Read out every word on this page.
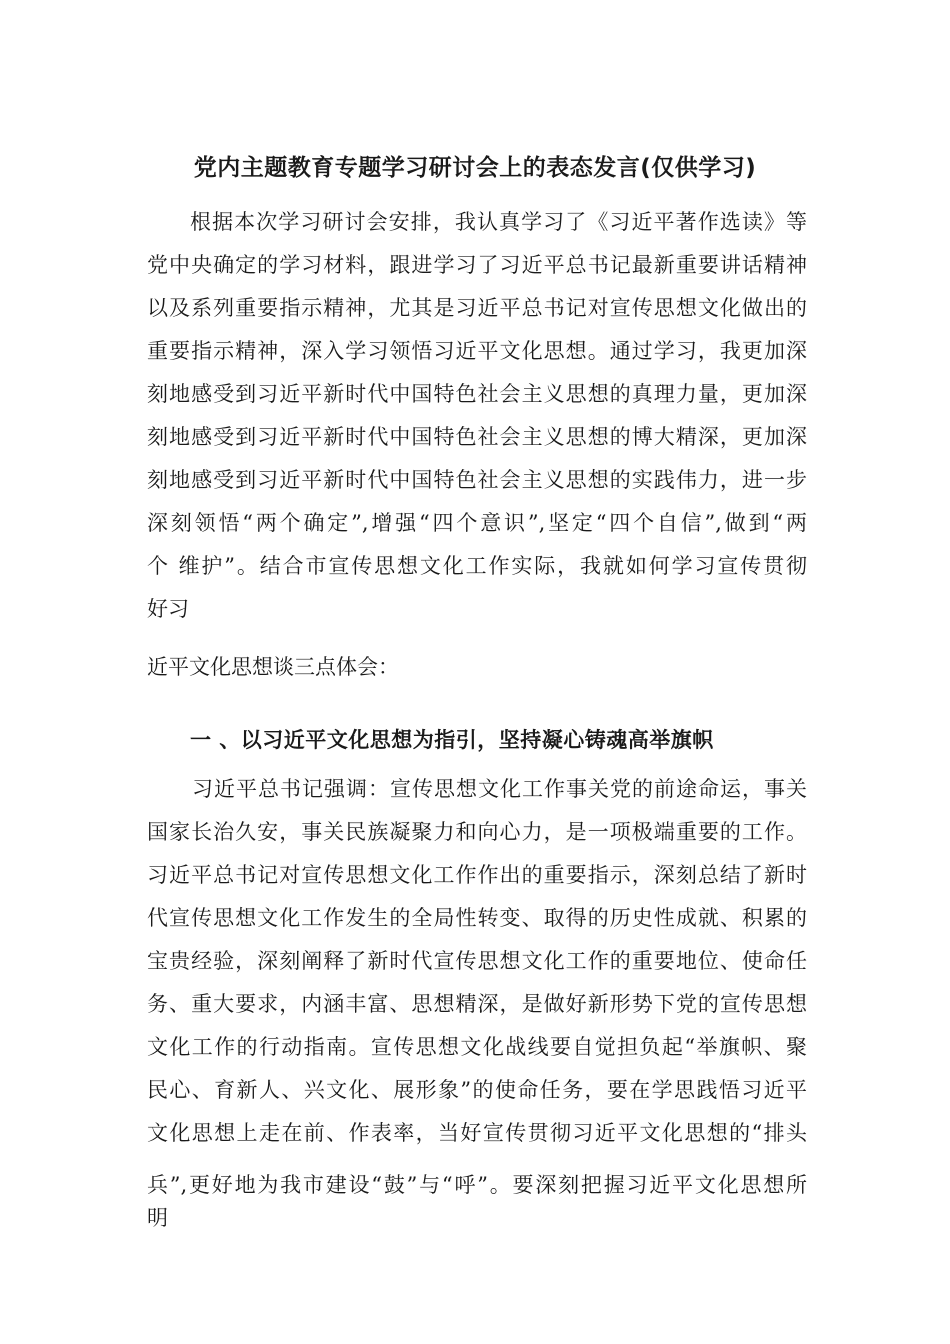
党内主题教育专题学习研讨会上的表态发言(仅供学习)
根据本次学习研讨会安排，我认真学习了《习近平著作选读》等
党中央确定的学习材料，跟进学习了习近平总书记最新重要讲话精神
以及系列重要指示精神，尤其是习近平总书记对宣传思想文化做出的
重要指示精神，深入学习领悟习近平文化思想。通过学习，我更加深
刻地感受到习近平新时代中国特色社会主义思想的真理力量，更加深
刻地感受到习近平新时代中国特色社会主义思想的博大精深，更加深
刻地感受到习近平新时代中国特色社会主义思想的实践伟力，进一步
深刻领悟“两个确定”,增强“四个意识”,坚定“四个自信”,做到“两
个 维护”。结合市宣传思想文化工作实际，我就如何学习宣传贯彻
好习
近平文化思想谈三点体会：
一 、以习近平文化思想为指引，坚持凝心铸魂高举旗帜
习近平总书记强调：宣传思想文化工作事关党的前途命运，事关
国家长治久安，事关民族凝聚力和向心力，是一项极端重要的工作。
习近平总书记对宣传思想文化工作作出的重要指示，深刻总结了新时
代宣传思想文化工作发生的全局性转变、取得的历史性成就、积累的
宝贵经验，深刻阐释了新时代宣传思想文化工作的重要地位、使命任
务、重大要求，内涵丰富、思想精深，是做好新形势下党的宣传思想
文化工作的行动指南。宣传思想文化战线要自觉担负起“举旗帜、聚
民心、育新人、兴文化、展形象”的使命任务，要在学思践悟习近平
文化思想上走在前、作表率，当好宣传贯彻习近平文化思想的“排头
兵”,更好地为我市建设“鼓”与“呼”。要深刻把握习近平文化思想所
明
